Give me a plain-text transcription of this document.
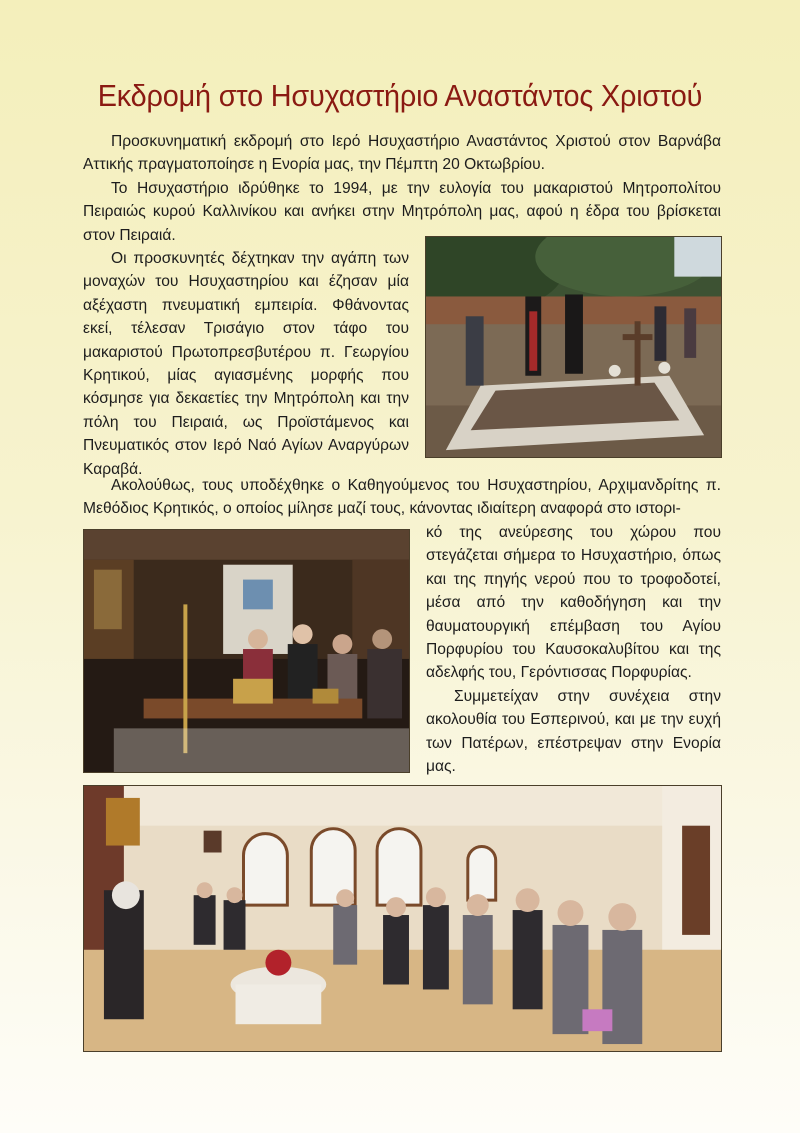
Εκδρομή στο Ησυχαστήριο Αναστάντος Χριστού

Προσκυνηματική εκδρομή στο Ιερό Ησυχαστήριο Αναστάντος Χριστού στον Βαρνάβα Αττικής πραγματοποίησε η Ενορία μας, την Πέμπτη 20 Οκτωβρίου.

Το Ησυχαστήριο ιδρύθηκε το 1994, με την ευλογία του μακαριστού Μητροπολίτου Πειραιώς κυρού Καλλινίκου και ανήκει στην Μητρόπολη μας, αφού η έδρα του βρίσκεται στον Πειραιά.

Οι προσκυνητές δέχτηκαν την αγάπη των μοναχών του Ησυχαστηρίου και έζησαν μία αξέχαστη πνευματική εμπειρία. Φθάνοντας εκεί, τέλεσαν Τρισάγιο στον τάφο του μακαριστού Πρωτοπρεσβυτέρου π. Γεωργίου Κρητικού, μίας αγιασμένης μορφής που κόσμησε για δεκαετίες την Μητρόπολη και την πόλη του Πειραιά, ως Προϊστάμενος και Πνευματικός στον Ιερό Ναό Αγίων Αναργύρων Καραβά.

Ακολούθως, τους υποδέχθηκε ο Καθηγούμενος του Ησυχαστηρίου, Αρχιμανδρίτης π. Μεθόδιος Κρητικός, ο οποίος μίλησε μαζί τους, κάνοντας ιδιαίτερη αναφορά στο ιστορι-

κό της ανεύρεσης του χώρου που στεγάζεται σήμερα το Ησυχαστήριο, όπως και της πηγής νερού που το τροφοδοτεί, μέσα από την καθοδήγηση και την θαυματουργική επέμβαση του Αγίου Πορφυρίου του Καυσοκαλυβίτου και της αδελφής του, Γερόντισσας Πορφυρίας.

Συμμετείχαν στην συνέχεια στην ακολουθία του Εσπερινού, και με την ευχή των Πατέρων, επέστρεψαν στην Ενορία μας.
